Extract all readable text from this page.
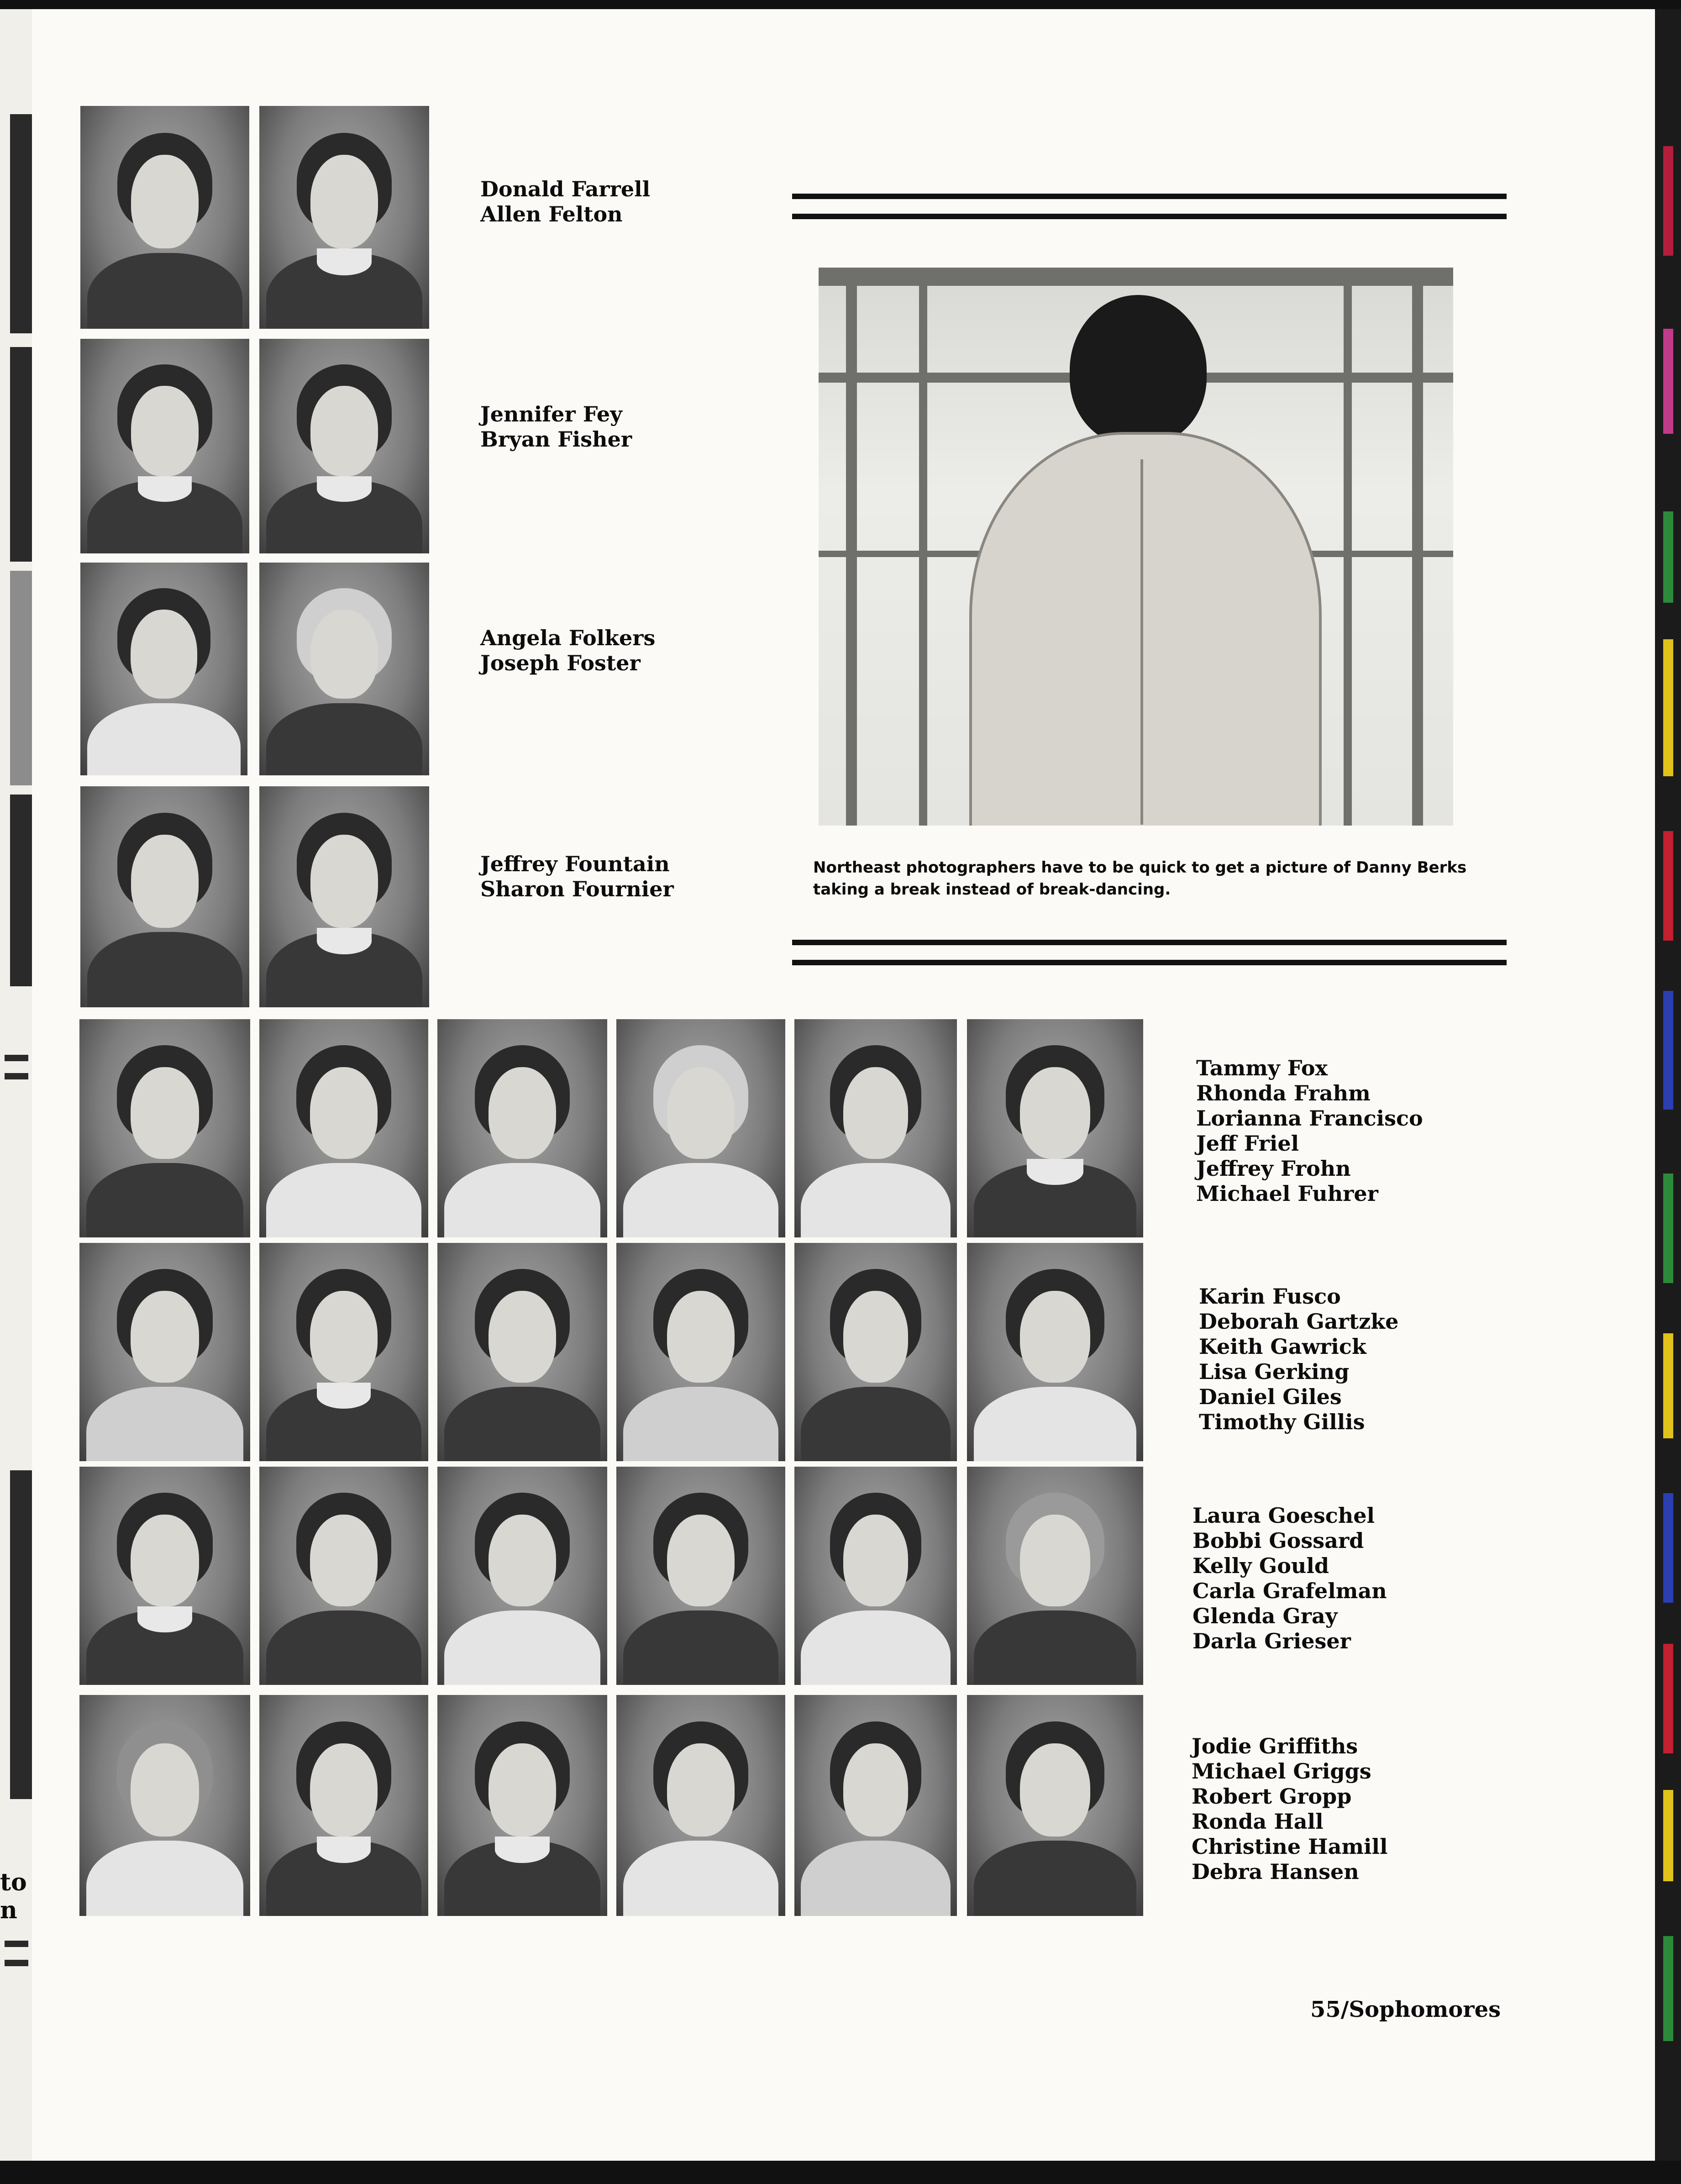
to n
Donald Farrell
Allen Felton
Jennifer Fey
Bryan Fisher
Angela Folkers
Joseph Foster
Jeffrey Fountain
Sharon Fournier
Northeast photographers have to be quick to get a picture of Danny Berks taking a break instead of break-dancing.
Tammy Fox
Rhonda Frahm
Lorianna Francisco
Jeff Friel
Jeffrey Frohn
Michael Fuhrer
Karin Fusco
Deborah Gartzke
Keith Gawrick
Lisa Gerking
Daniel Giles
Timothy Gillis
Laura Goeschel
Bobbi Gossard
Kelly Gould
Carla Grafelman
Glenda Gray
Darla Grieser
Jodie Griffiths
Michael Griggs
Robert Gropp
Ronda Hall
Christine Hamill
Debra Hansen
55/Sophomores
